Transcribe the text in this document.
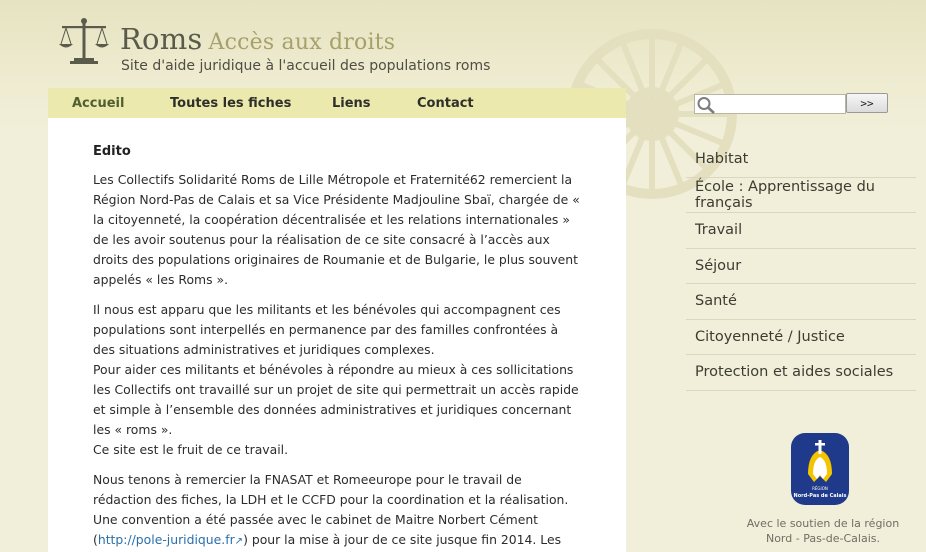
Roms Accès aux droits
Site d'aide juridique à l'accueil des populations roms
Accueil	Toutes les fiches	Liens	Contact
Edito

Les Collectifs Solidarité Roms de Lille Métropole et Fraternité62 remercient la Région Nord-Pas de Calais et sa Vice Présidente Madjouline Sbaï, chargée de « la citoyenneté, la coopération décentralisée et les relations internationales » de les avoir soutenus pour la réalisation de ce site consacré à l’accès aux droits des populations originaires de Roumanie et de Bulgarie, le plus souvent appelés « les Roms ».

Il nous est apparu que les militants et les bénévoles qui accompagnent ces populations sont interpellés en permanence par des familles confrontées à des situations administratives et juridiques complexes.
Pour aider ces militants et bénévoles à répondre au mieux à ces sollicitations les Collectifs ont travaillé sur un projet de site qui permettrait un accès rapide et simple à l’ensemble des données administratives et juridiques concernant les « roms ».
Ce site est le fruit de ce travail.

Nous tenons à remercier la FNASAT et Romeeurope pour le travail de rédaction des fiches, la LDH et le CCFD pour la coordination et la réalisation.
Une convention a été passée avec le cabinet de Maitre Norbert Cément (http://pole-juridique.fr↗) pour la mise à jour de ce site jusque fin 2014. Les

>>
Habitat
École : Apprentissage du français
Travail
Séjour
Santé
Citoyenneté / Justice
Protection et aides sociales
RÉGION
Nord-Pas de Calais
Avec le soutien de la région
Nord - Pas-de-Calais.
